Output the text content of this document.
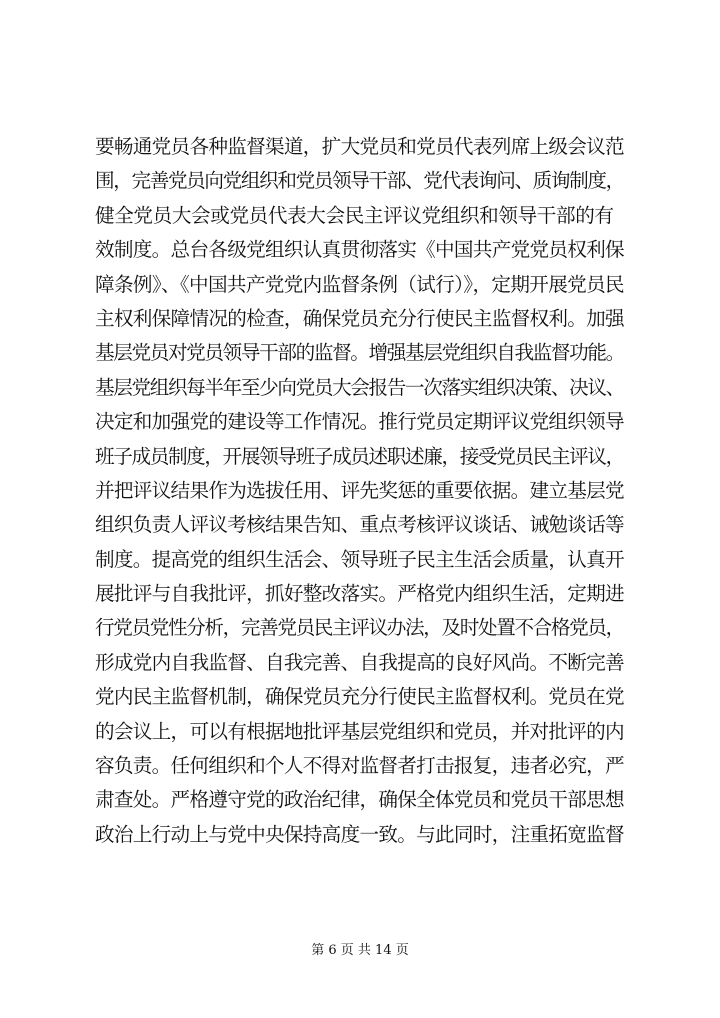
要畅通党员各种监督渠道，扩大党员和党员代表列席上级会议范
围，完善党员向党组织和党员领导干部、党代表询问、质询制度，
健全党员大会或党员代表大会民主评议党组织和领导干部的有
效制度。总台各级党组织认真贯彻落实《中国共产党党员权利保
障条例》、《中国共产党党内监督条例（试行）》，定期开展党员民
主权利保障情况的检查，确保党员充分行使民主监督权利。加强
基层党员对党员领导干部的监督。增强基层党组织自我监督功能。
基层党组织每半年至少向党员大会报告一次落实组织决策、决议、
决定和加强党的建设等工作情况。推行党员定期评议党组织领导
班子成员制度，开展领导班子成员述职述廉，接受党员民主评议，
并把评议结果作为选拔任用、评先奖惩的重要依据。建立基层党
组织负责人评议考核结果告知、重点考核评议谈话、诫勉谈话等
制度。提高党的组织生活会、领导班子民主生活会质量，认真开
展批评与自我批评，抓好整改落实。严格党内组织生活，定期进
行党员党性分析，完善党员民主评议办法，及时处置不合格党员，
形成党内自我监督、自我完善、自我提高的良好风尚。不断完善
党内民主监督机制，确保党员充分行使民主监督权利。党员在党
的会议上，可以有根据地批评基层党组织和党员，并对批评的内
容负责。任何组织和个人不得对监督者打击报复，违者必究，严
肃查处。严格遵守党的政治纪律，确保全体党员和党员干部思想
政治上行动上与党中央保持高度一致。与此同时，注重拓宽监督
第 6 页 共 14 页
